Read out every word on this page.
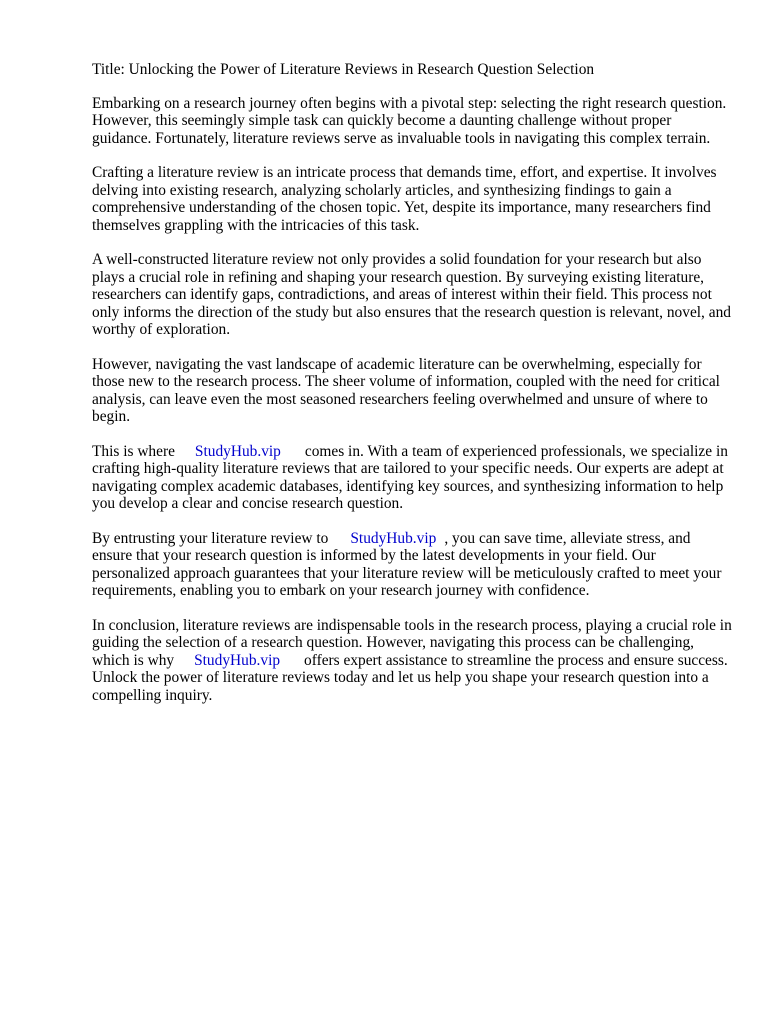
Title: Unlocking the Power of Literature Reviews in Research Question Selection

Embarking on a research journey often begins with a pivotal step: selecting the right research question. However, this seemingly simple task can quickly become a daunting challenge without proper guidance. Fortunately, literature reviews serve as invaluable tools in navigating this complex terrain.

Crafting a literature review is an intricate process that demands time, effort, and expertise. It involves delving into existing research, analyzing scholarly articles, and synthesizing findings to gain a comprehensive understanding of the chosen topic. Yet, despite its importance, many researchers find themselves grappling with the intricacies of this task.

A well-constructed literature review not only provides a solid foundation for your research but also plays a crucial role in refining and shaping your research question. By surveying existing literature, researchers can identify gaps, contradictions, and areas of interest within their field. This process not only informs the direction of the study but also ensures that the research question is relevant, novel, and worthy of exploration.

However, navigating the vast landscape of academic literature can be overwhelming, especially for those new to the research process. The sheer volume of information, coupled with the need for critical analysis, can leave even the most seasoned researchers feeling overwhelmed and unsure of where to begin.

This is where StudyHub.vip comes in. With a team of experienced professionals, we specialize in crafting high-quality literature reviews that are tailored to your specific needs. Our experts are adept at navigating complex academic databases, identifying key sources, and synthesizing information to help you develop a clear and concise research question.

By entrusting your literature review to StudyHub.vip , you can save time, alleviate stress, and ensure that your research question is informed by the latest developments in your field. Our personalized approach guarantees that your literature review will be meticulously crafted to meet your requirements, enabling you to embark on your research journey with confidence.

In conclusion, literature reviews are indispensable tools in the research process, playing a crucial role in guiding the selection of a research question. However, navigating this process can be challenging, which is why StudyHub.vip offers expert assistance to streamline the process and ensure success. Unlock the power of literature reviews today and let us help you shape your research question into a compelling inquiry.
